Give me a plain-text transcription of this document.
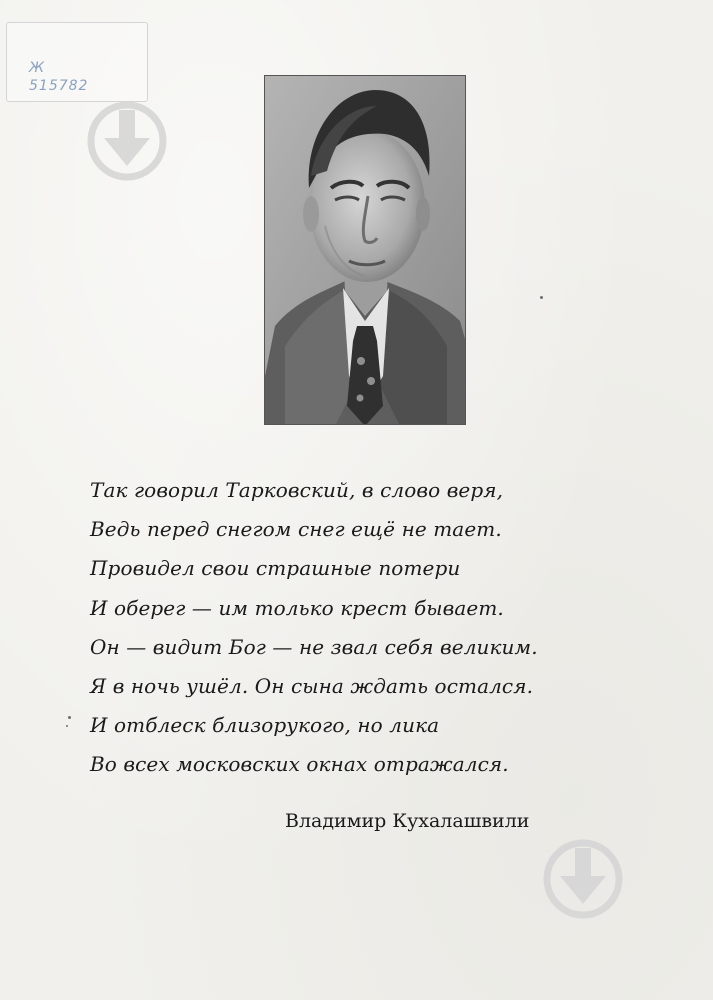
Ж
515782
Так говорил Тарковский, в слово веря,
Ведь перед снегом снег ещё не тает.
Провидел свои страшные потери
И оберег — им только крест бывает.
Он — видит Бог — не звал себя великим.
Я в ночь ушёл. Он сына ждать остался.
И отблеск близорукого, но лика
Во всех московских окнах отражался.
Владимир Кухалашвили
